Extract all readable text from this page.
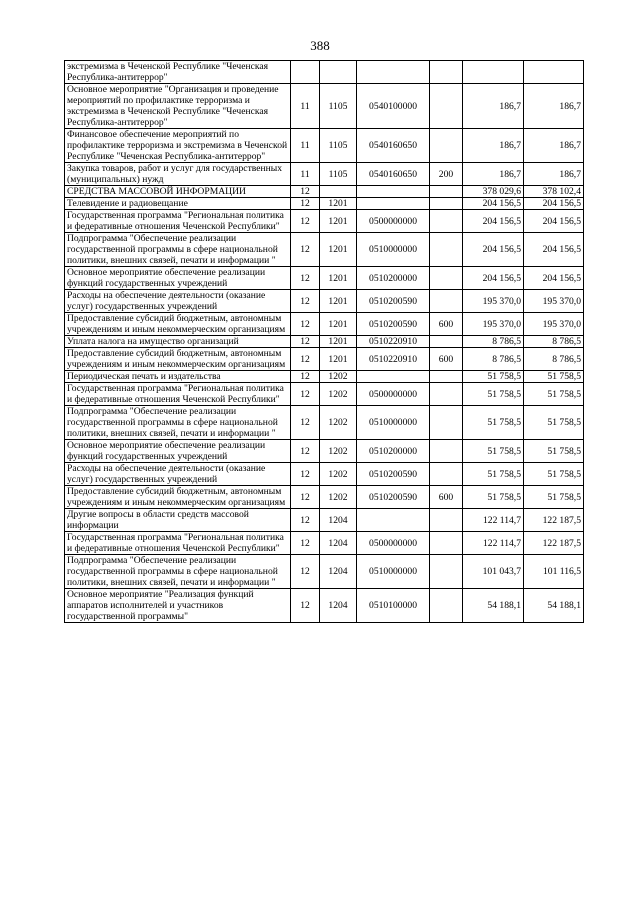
388
экстремизма в Чеченской Республике "Чеченская Республика-антитеррор"						
Основное мероприятие "Организация и проведение мероприятий по профилактике терроризма и экстремизма в Чеченской Республике "Чеченская Республика-антитеррор"	11	1105	0540100000		186,7	186,7
Финансовое обеспечение мероприятий по профилактике терроризма и экстремизма в Чеченской Республике "Чеченская Республика-антитеррор"	11	1105	0540160650		186,7	186,7
Закупка товаров, работ и услуг для государственных (муниципальных) нужд	11	1105	0540160650	200	186,7	186,7
СРЕДСТВА МАССОВОЙ ИНФОРМАЦИИ	12				378 029,6	378 102,4
Телевидение и радиовещание	12	1201			204 156,5	204 156,5
Государственная программа "Региональная политика и федеративные отношения Чеченской Республики"	12	1201	0500000000		204 156,5	204 156,5
Подпрограмма "Обеспечение реализации государственной программы в сфере национальной политики, внешних связей, печати и информации "	12	1201	0510000000		204 156,5	204 156,5
Основное мероприятие обеспечение реализации функций государственных учреждений	12	1201	0510200000		204 156,5	204 156,5
Расходы на обеспечение деятельности (оказание услуг) государственных учреждений	12	1201	0510200590		195 370,0	195 370,0
Предоставление субсидий бюджетным, автономным учреждениям и иным некоммерческим организациям	12	1201	0510200590	600	195 370,0	195 370,0
Уплата налога на имущество организаций	12	1201	0510220910		8 786,5	8 786,5
Предоставление субсидий бюджетным, автономным учреждениям и иным некоммерческим организациям	12	1201	0510220910	600	8 786,5	8 786,5
Периодическая печать и издательства	12	1202			51 758,5	51 758,5
Государственная программа "Региональная политика и федеративные отношения Чеченской Республики"	12	1202	0500000000		51 758,5	51 758,5
Подпрограмма "Обеспечение реализации государственной программы в сфере национальной политики, внешних связей, печати и информации "	12	1202	0510000000		51 758,5	51 758,5
Основное мероприятие обеспечение реализации функций государственных учреждений	12	1202	0510200000		51 758,5	51 758,5
Расходы на обеспечение деятельности (оказание услуг) государственных учреждений	12	1202	0510200590		51 758,5	51 758,5
Предоставление субсидий бюджетным, автономным учреждениям и иным некоммерческим организациям	12	1202	0510200590	600	51 758,5	51 758,5
Другие вопросы в области средств массовой информации	12	1204			122 114,7	122 187,5
Государственная программа "Региональная политика и федеративные отношения Чеченской Республики"	12	1204	0500000000		122 114,7	122 187,5
Подпрограмма "Обеспечение реализации государственной программы в сфере национальной политики, внешних связей, печати и информации "	12	1204	0510000000		101 043,7	101 116,5
Основное мероприятие "Реализация функций аппаратов исполнителей и участников государственной программы"	12	1204	0510100000		54 188,1	54 188,1
